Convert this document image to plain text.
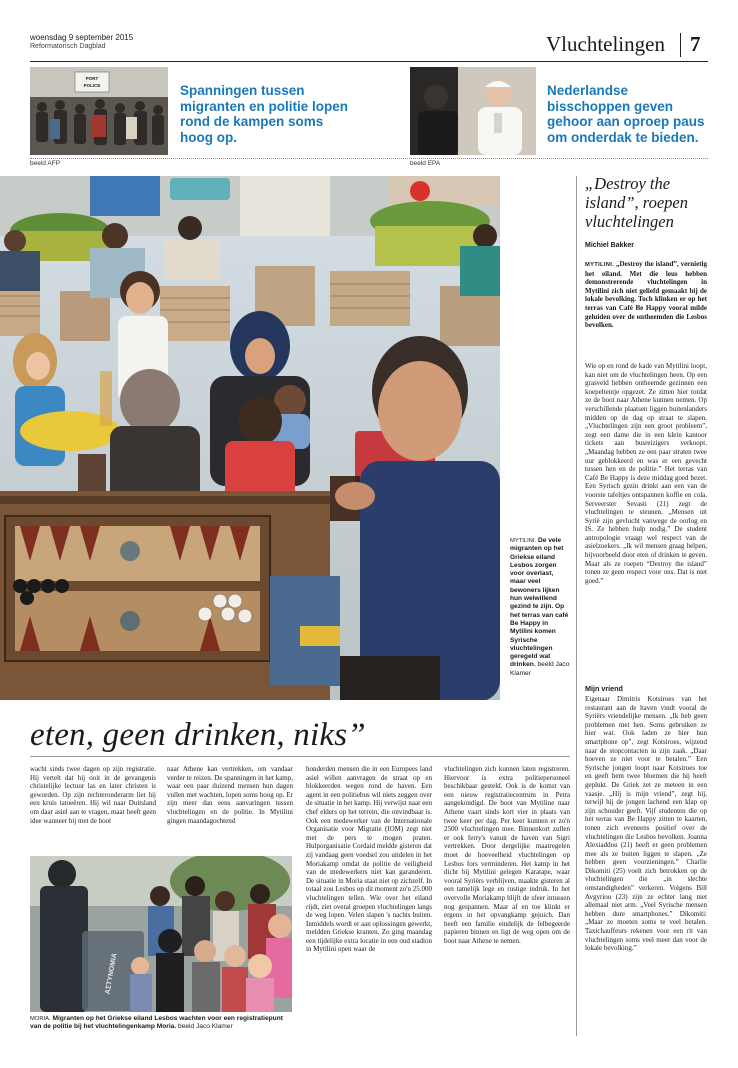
woensdag 9 september 2015
Reformatorisch Dagblad	Vluchtelingen 7
PORT
POLICE	Spanningen tussen migranten en politie lopen rond de kampen soms hoog op.
beeld AFP
Nederlandse bisschoppen geven gehoor aan oproep paus om onderdak te bieden.
beeld EPA
MYTILINI. De vele migranten op het Griekse eiland Lesbos zorgen voor overlast, maar veel bewoners lijken hun welwillend gezind te zijn. Op het terras van café Be Happy in Mytilini komen Syrische vluchtelingen geregeld wat drinken. beeld Jaco Klamer
„Destroy the island”, roepen vluchtelingen
Michiel Bakker
MYTILINI. „Destroy the island”, vernietig het eiland. Met die leus hebben demonstrerende vluchtelingen in Mytilini zich niet geliefd gemaakt bij de lokale bevolking. Toch klinken er op het terras van Café Be Happy vooral milde geluiden over de ontheemden die Lesbos bevolken.
Wie op en rond de kade van Mytilini loopt, kan niet om de vluchtelingen heen. Op een grasveld hebben ontheemde gezinnen een koepeltentje opgezet. Ze zitten hier totdat ze de boot naar Athene kunnen nemen. Op verschillende plaatsen liggen buitenlanders midden op de dag op straat te slapen. „Vluchtelingen zijn een groot probleem”, zegt een dame die in een klein kantoor tickets aan busreizigers verkoopt. „Maandag hebben ze een paar straten twee uur geblokkeerd en was er een gevecht tussen hen en de politie.” Het terras van Café Be Happy is deze middag goed bezet. Een Syrisch gezin drinkt aan een van de voorste tafeltjes ontspannen koffie en cola. Serveerster Sevasti (21) zegt de vluchtelingen te steunen. „Mensen uit Syrië zijn gevlucht vanwege de oorlog en IS. Ze hebben hulp nodig.” De student antropologie vraagt wel respect van de asielzoekers. „Ik wil mensen graag helpen, bijvoorbeeld door eten of drinken te geven. Maar als ze roepen “Destroy the island” tonen ze geen respect voor ons. Dat is niet goed.”
Mijn vriend
Eigenaar Dimitris Kotsiroes van het restaurant aan de haven vindt vooral de Syriërs vriendelijke mensen. „Ik heb geen problemen met hen. Soms gebruiken ze hier wat. Ook laden ze hier hun smartphone op”, zegt Kotsiroes, wijzend naar de stopcontacten in zijn zaak. „Daar hoeven ze niet voor te betalen.” Een Syrische jongen loopt naar Kotsiroes toe en geeft hem twee bloemen die hij heeft geplukt. De Griek zet ze meteen in een vaasje. „Hij is mijn vriend”, zegt hij, terwijl hij de jongen lachend een klap op zijn schouder geeft. Vijf studenten die op het terras van Be Happy zitten te kaarten, tonen zich eveneens positief over de vluchtelingen die Lesbos bevolken. Joanna Alexiaddou (21) heeft er geen problemen mee als ze buiten liggen te slapen. „Ze hebben geen voorzieningen.” Charlie Dikomiti (25) voelt zich betrokken op de vluchtelingen die „in slechte omstandigheden” verkeren. Volgens Bill Avgyriou (23) zijn ze echter lang niet allemaal niet arm. „Veel Syrische mensen hebben dure smartphones.” Dikomiti: „Maar ze moeten soms te veel betalen. Taxichauffeurs rekenen voor een rit van vluchtelingen soms veel meer dan voor de lokale bevolking.”
eten, geen drinken, niks”
wacht sinds twee dagen op zijn registratie. Hij vertelt dat hij ooit in de gevangenis christelijke lectuur las en later christen is geworden. Op zijn rechteronderarm liet hij een kruis tatoeëren. Hij wil naar Duitsland om daar asiel aan te vragen, maar heeft geen idee wanneer hij met de boot
naar Athene kan vertrekken, om vandaar verder te reizen. De spanningen in het kamp, waar een paar duizend mensen hun dagen vullen met wachten, lopen soms hoog op. Er zijn meer dan eens aanvaringen tussen vluchtelingen en de politie. In Mytilini gingen maandagochtend
honderden mensen die in een Europees land asiel willen aanvragen de straat op en blokkeerden wegen rond de haven. Een agent in een politiebus wil niets zeggen over de situatie in het kamp. Hij verwijst naar een chef elders op het terrein, die onvindbaar is. Ook een medewerker van de Internationale Organisatie voor Migratie (IOM) zegt niet met de pers te mogen praten. Hulporganisatie Cordaid meldde gisteren dat zij vandaag geen voedsel zou uitdelen in het Moriakamp omdat de politie de veiligheid van de medewerkers niet kan garanderen. De situatie in Moria staat niet op zichzelf. In totaal zou Lesbos op dit moment zo'n 25.000 vluchtelingen tellen. Wie over het eiland rijdt, ziet overal groepen vluchtelingen langs de weg lopen. Velen slapen 's nachts buiten. Inmiddels wordt er aan oplossingen gewerkt, meldden Griekse kranten. Zo ging maandag een tijdelijke extra locatie in een oud stadion in Mytilini open waar de
vluchtelingen zich kunnen laten registreren. Hiervoor is extra politiepersoneel beschikbaar gesteld. Ook is de komst van een nieuw registratiecentrum in Petra aangekondigd. De boot van Mytiline naar Athene vaart sinds kort vier in plaats van twee keer per dag. Per keer kunnen er zo'n 2500 vluchtelingen mee. Binnenkort zullen er ook ferry's vanuit de haven van Sigri vertrekken. Door dergelijke maatregelen moet de hoeveelheid vluchtelingen op Lesbos fors verminderen. Het kamp in het dicht bij Mytilini gelegen Karatape, waar vooral Syriërs verblijven, maakte gisteren al een tamelijk lege en rustige indruk. In het overvolle Moriakamp blijft de sfeer intussen nog gespannen. Maar af en toe klinkt er ergens in het opvangkamp gejuich. Dan heeft een familie eindelijk de felbegeerde papieren binnen en ligt de weg open om de boot naar Athene te nemen.
ΑΣΤΥΝΟΜΙΑ
MORIA. Migranten op het Griekse eiland Lesbos wachten voor een registratiepunt van de politie bij het vluchtelingenkamp Moria. beeld Jaco Klamer
